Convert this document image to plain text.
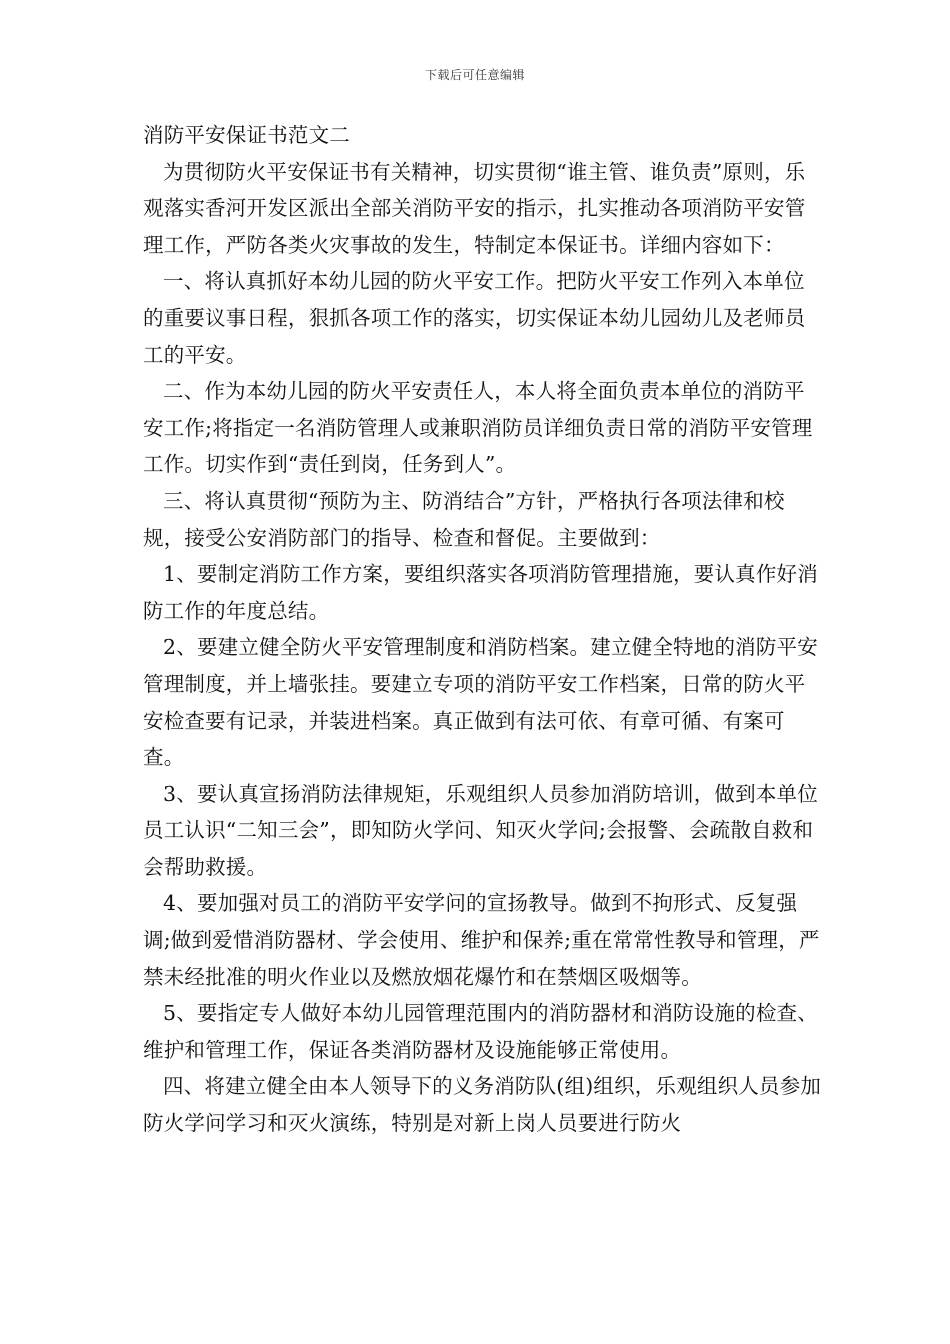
下载后可任意编辑

消防平安保证书范文二

为贯彻防火平安保证书有关精神，切实贯彻“谁主管、谁负责”原则，乐观落实香河开发区派出全部关消防平安的指示，扎实推动各项消防平安管理工作，严防各类火灾事故的发生，特制定本保证书。详细内容如下：

一、将认真抓好本幼儿园的防火平安工作。把防火平安工作列入本单位的重要议事日程，狠抓各项工作的落实，切实保证本幼儿园幼儿及老师员工的平安。

二、作为本幼儿园的防火平安责任人，本人将全面负责本单位的消防平安工作;将指定一名消防管理人或兼职消防员详细负责日常的消防平安管理工作。切实作到“责任到岗，任务到人”。

三、将认真贯彻“预防为主、防消结合”方针，严格执行各项法律和校规，接受公安消防部门的指导、检查和督促。主要做到：

1、要制定消防工作方案，要组织落实各项消防管理措施，要认真作好消防工作的年度总结。

2、要建立健全防火平安管理制度和消防档案。建立健全特地的消防平安管理制度，并上墙张挂。要建立专项的消防平安工作档案，日常的防火平安检查要有记录，并装进档案。真正做到有法可依、有章可循、有案可查。

3、要认真宣扬消防法律规矩，乐观组织人员参加消防培训，做到本单位员工认识“二知三会”，即知防火学问、知灭火学问;会报警、会疏散自救和会帮助救援。

4、要加强对员工的消防平安学问的宣扬教导。做到不拘形式、反复强调;做到爱惜消防器材、学会使用、维护和保养;重在常常性教导和管理，严禁未经批准的明火作业以及燃放烟花爆竹和在禁烟区吸烟等。

5、要指定专人做好本幼儿园管理范围内的消防器材和消防设施的检查、维护和管理工作，保证各类消防器材及设施能够正常使用。

四、将建立健全由本人领导下的义务消防队(组)组织，乐观组织人员参加防火学问学习和灭火演练，特别是对新上岗人员要进行防火
